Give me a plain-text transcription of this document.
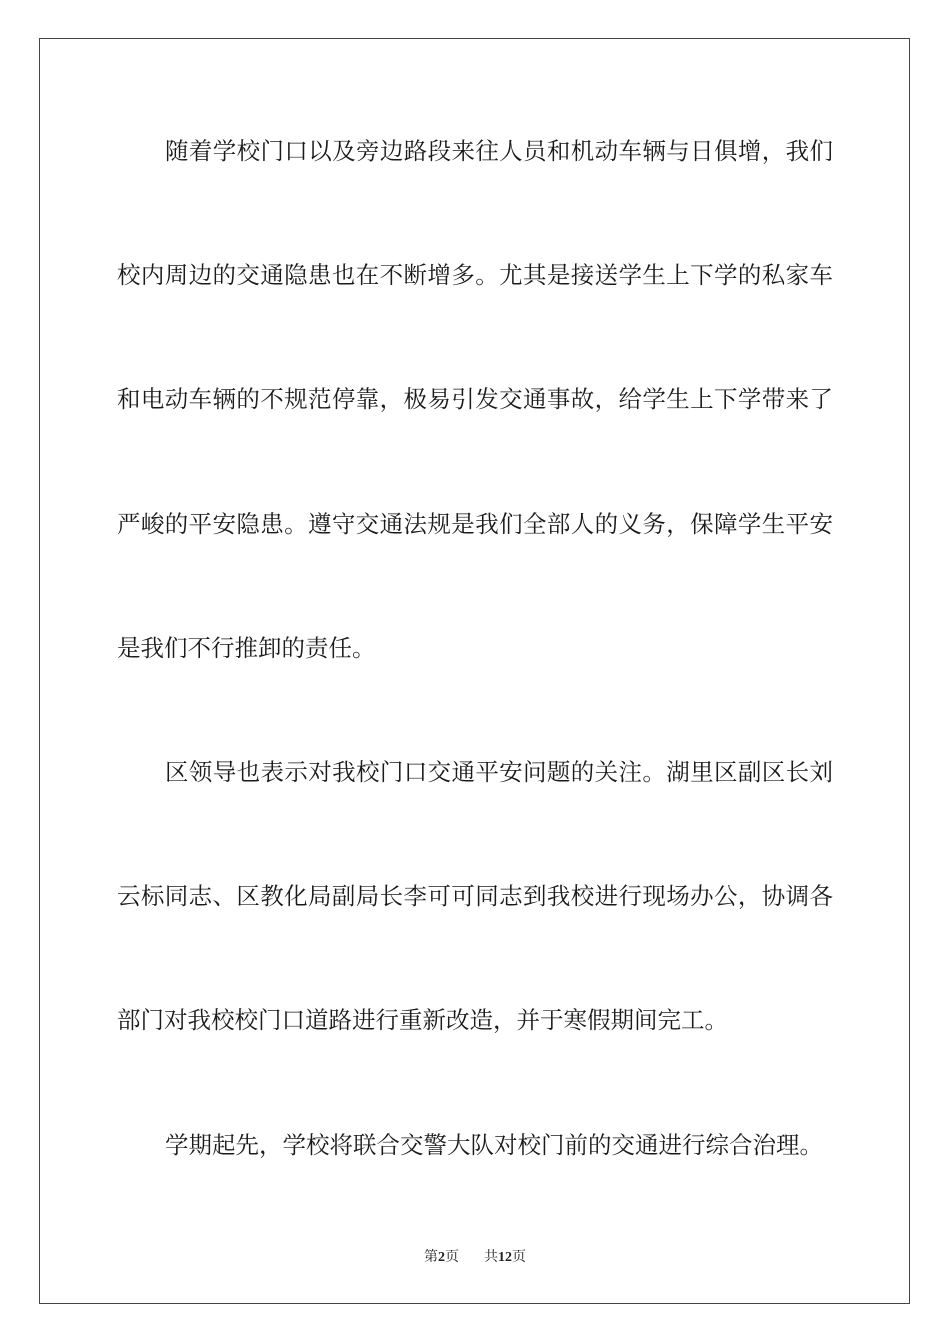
随着学校门口以及旁边路段来往人员和机动车辆与日俱增，我们
校内周边的交通隐患也在不断增多。尤其是接送学生上下学的私家车
和电动车辆的不规范停靠，极易引发交通事故，给学生上下学带来了
严峻的平安隐患。遵守交通法规是我们全部人的义务，保障学生平安
是我们不行推卸的责任。
区领导也表示对我校门口交通平安问题的关注。湖里区副区长刘
云标同志、区教化局副局长李可可同志到我校进行现场办公，协调各
部门对我校校门口道路进行重新改造，并于寒假期间完工。
学期起先，学校将联合交警大队对校门前的交通进行综合治理。
第2页 共12页
